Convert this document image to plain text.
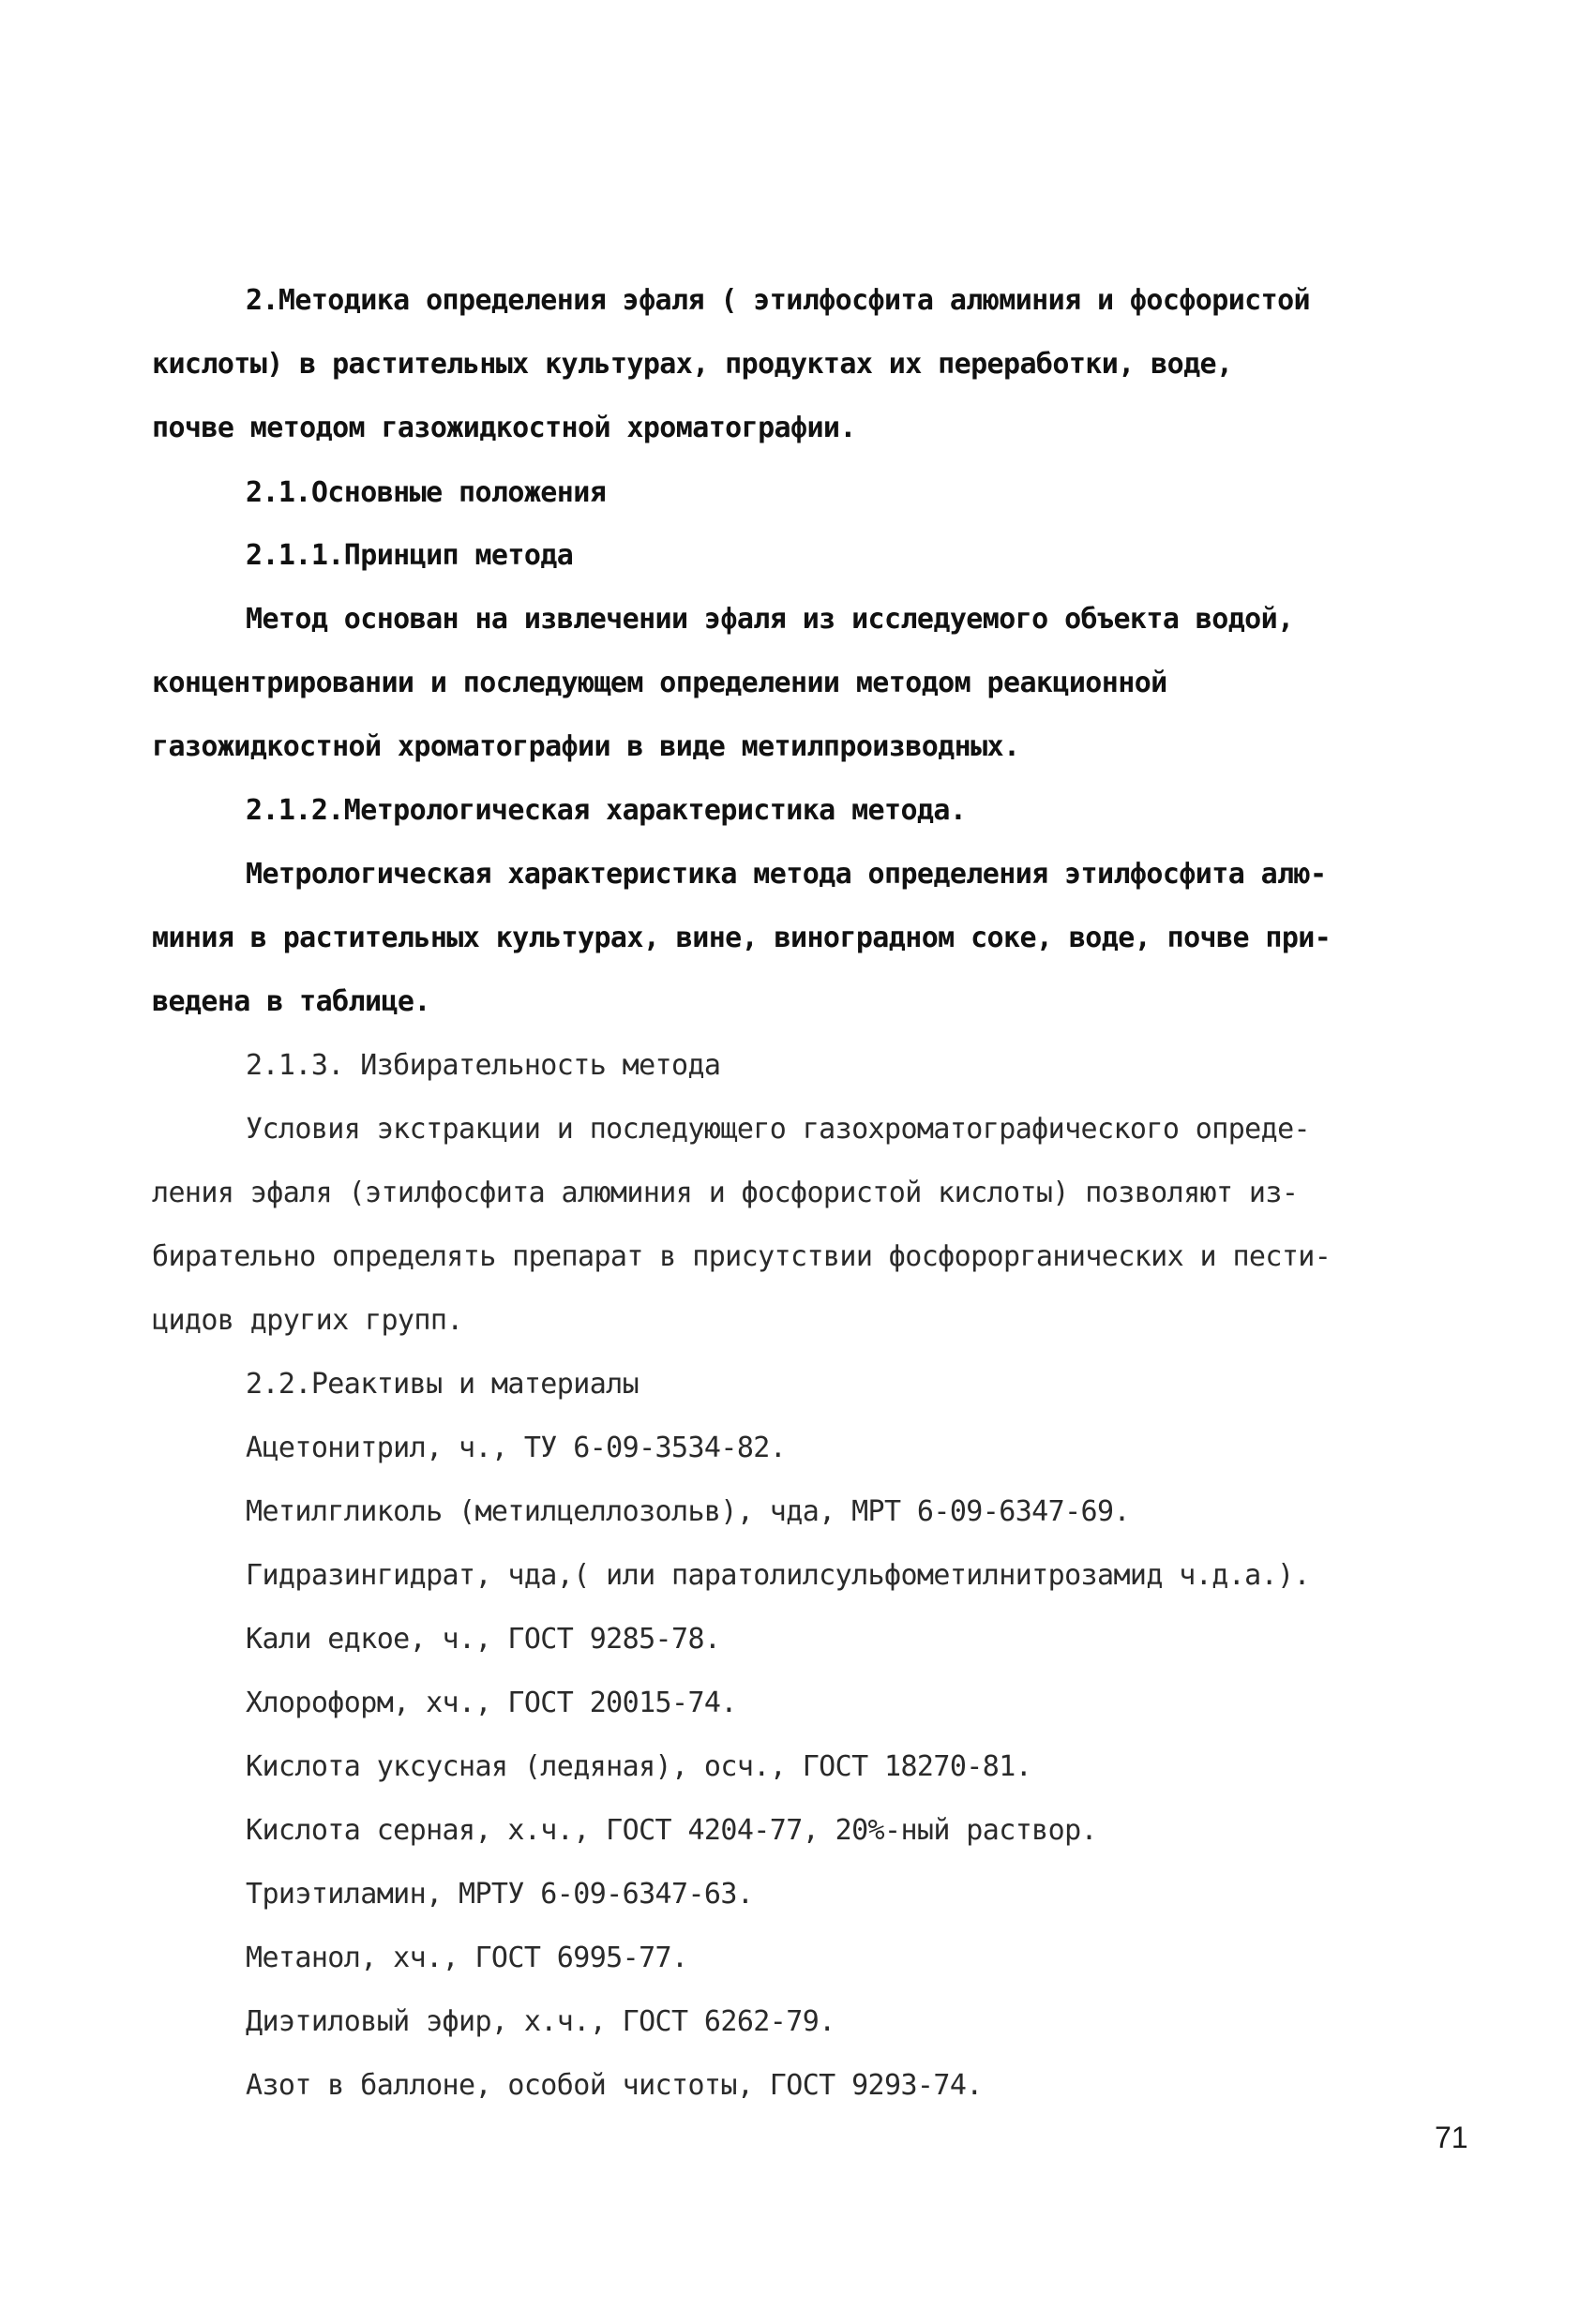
2.Методика определения эфаля ( этилфосфита алюминия и фосфористой
кислоты) в растительных культурах, продуктах их переработки, воде,
почве методом газожидкостной хроматографии.
2.1.Основные положения
2.1.1.Принцип метода
Метод основан на извлечении эфаля из исследуемого объекта водой,
концентрировании и последующем определении методом реакционной
газожидкостной хроматографии в виде метилпроизводных.
2.1.2.Метрологическая характеристика метода.
Метрологическая характеристика метода определения этилфосфита алю-
миния в растительных культурах, вине, виноградном соке, воде, почве при-
ведена в таблице.
2.1.3. Избирательность метода
Условия экстракции и последующего газохроматографического опреде-
ления эфаля (этилфосфита алюминия и фосфористой кислоты) позволяют из-
бирательно определять препарат в присутствии фосфорорганических и пести-
цидов других групп.
2.2.Реактивы и материалы
Ацетонитрил, ч., ТУ 6-09-3534-82.
Метилгликоль (метилцеллозольв), чда, МРТ 6-09-6347-69.
Гидразингидрат, чда,( или паратолилсульфометилнитрозамид ч.д.а.).
Кали едкое, ч., ГОСТ 9285-78.
Хлороформ, хч., ГОСТ 20015-74.
Кислота уксусная (ледяная), осч., ГОСТ 18270-81.
Кислота серная, х.ч., ГОСТ 4204-77, 20%-ный раствор.
Триэтиламин, МРТУ 6-09-6347-63.
Метанол, хч., ГОСТ 6995-77.
Диэтиловый эфир, х.ч., ГОСТ 6262-79.
Азот в баллоне, особой чистоты, ГОСТ 9293-74.
71
